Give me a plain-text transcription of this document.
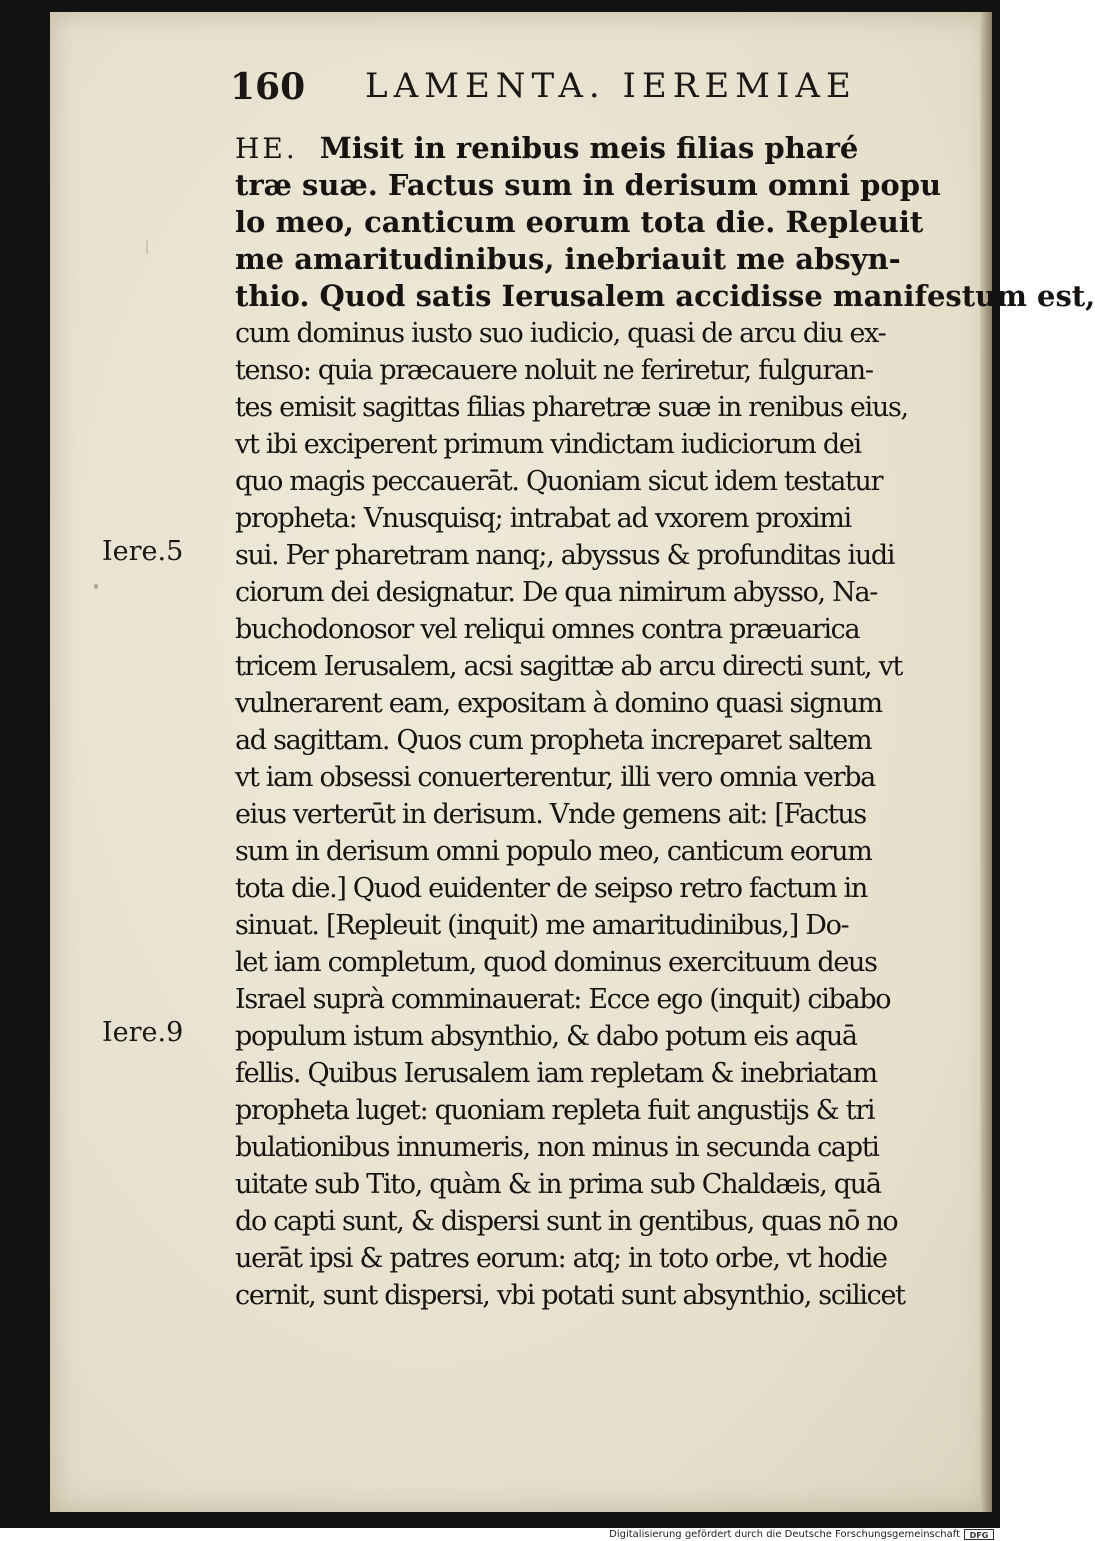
160 LAMENTA. IEREMIAE
HE. Misit in renibus meis filias pharé
træ suæ. Factus sum in derisum omni popu
lo meo, canticum eorum tota die. Repleuit
me amaritudinibus, inebriauit me absyn-
thio. Quod satis Ierusalem accidisse manifestum est,
cum dominus iusto suo iudicio, quasi de arcu diu ex-
tenso: quia præcauere noluit ne feriretur, fulguran-
tes emisit sagittas filias pharetræ suæ in renibus eius,
vt ibi exciperent primum vindictam iudiciorum dei
quo magis peccauerāt. Quoniam sicut idem testatur
propheta: Vnusquisq; intrabat ad vxorem proximi
sui. Per pharetram nanq;, abyssus & profunditas iudi
ciorum dei designatur. De qua nimirum abysso, Na-
buchodonosor vel reliqui omnes contra præuarica
tricem Ierusalem, acsi sagittæ ab arcu directi sunt, vt
vulnerarent eam, expositam à domino quasi signum
ad sagittam. Quos cum propheta increparet saltem
vt iam obsessi conuerterentur, illi vero omnia verba
eius verterūt in derisum. Vnde gemens ait: [Factus
sum in derisum omni populo meo, canticum eorum
tota die.] Quod euidenter de seipso retro factum in
sinuat. [Repleuit (inquit) me amaritudinibus,] Do-
let iam completum, quod dominus exercituum deus
Israel suprà comminauerat: Ecce ego (inquit) cibabo
populum istum absynthio, & dabo potum eis aquā
fellis. Quibus Ierusalem iam repletam & inebriatam
propheta luget: quoniam repleta fuit angustijs & tri
bulationibus innumeris, non minus in secunda capti
uitate sub Tito, quàm & in prima sub Chaldæis, quā
do capti sunt, & dispersi sunt in gentibus, quas nō no
uerāt ipsi & patres eorum: atq; in toto orbe, vt hodie
cernit, sunt dispersi, vbi potati sunt absynthio, scilicet
Iere.5
Iere.9
Digitalisierung gefördert durch die Deutsche Forschungsgemeinschaft	DFG
